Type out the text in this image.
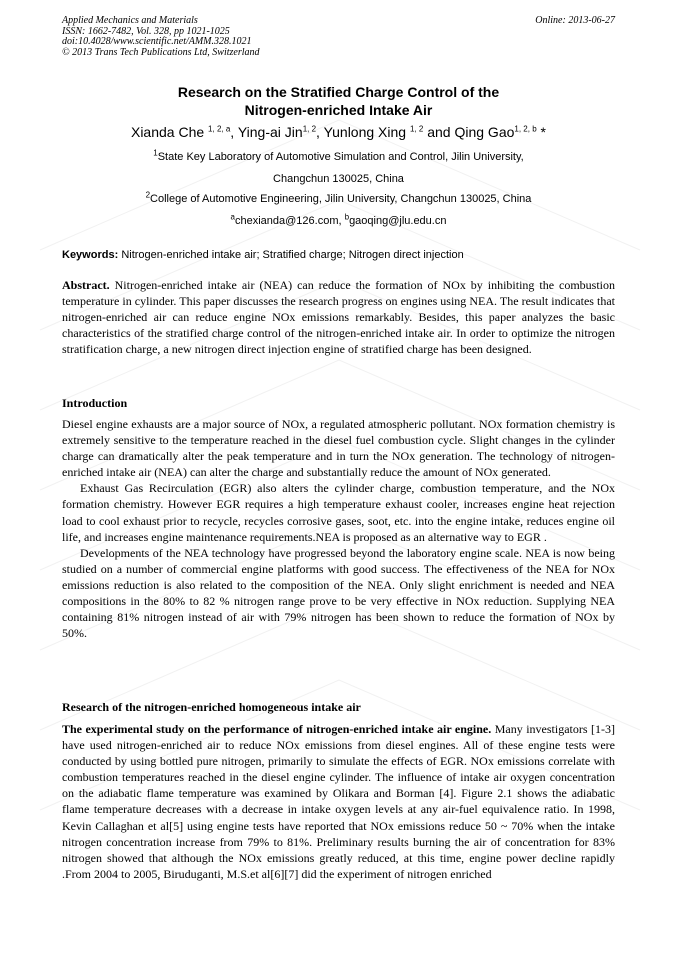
Applied Mechanics and Materials
ISSN: 1662-7482, Vol. 328, pp 1021-1025
doi:10.4028/www.scientific.net/AMM.328.1021
© 2013 Trans Tech Publications Ltd, Switzerland
Online: 2013-06-27
Research on the Stratified Charge Control of the
Nitrogen-enriched Intake Air
Xianda Che $^{1, 2, a}$, Ying-ai Jin$^{1, 2}$, Yunlong Xing $^{1, 2}$ and Qing Gao$^{1, 2, b}$ *
$^1$State Key Laboratory of Automotive Simulation and Control, Jilin University,
Changchun 130025, China
$^2$College of Automotive Engineering, Jilin University, Changchun 130025, China
$^a$chexianda@126.com, $^b$gaoqing@jlu.edu.cn
Keywords: Nitrogen-enriched intake air; Stratified charge; Nitrogen direct injection

Abstract. Nitrogen-enriched intake air (NEA) can reduce the formation of NOx by inhibiting the combustion temperature in cylinder. This paper discusses the research progress on engines using NEA. The result indicates that nitrogen-enriched air can reduce engine NOx emissions remarkably. Besides, this paper analyzes the basic characteristics of the stratified charge control of the nitrogen-enriched intake air. In order to optimize the nitrogen stratification charge, a new nitrogen direct injection engine of stratified charge has been designed.

Introduction

Diesel engine exhausts are a major source of NOx, a regulated atmospheric pollutant. NOx formation chemistry is extremely sensitive to the temperature reached in the diesel fuel combustion cycle. Slight changes in the cylinder charge can dramatically alter the peak temperature and in turn the NOx generation. The technology of nitrogen-enriched intake air (NEA) can alter the charge and substantially reduce the amount of NOx generated.

Exhaust Gas Recirculation (EGR) also alters the cylinder charge, combustion temperature, and the NOx formation chemistry. However EGR requires a high temperature exhaust cooler, increases engine heat rejection load to cool exhaust prior to recycle, recycles corrosive gases, soot, etc. into the engine intake, reduces engine oil life, and increases engine maintenance requirements.NEA is proposed as an alternative way to EGR .

Developments of the NEA technology have progressed beyond the laboratory engine scale. NEA is now being studied on a number of commercial engine platforms with good success. The effectiveness of the NEA for NOx emissions reduction is also related to the composition of the NEA. Only slight enrichment is needed and NEA compositions in the 80% to 82 % nitrogen range prove to be very effective in NOx reduction. Supplying NEA containing 81% nitrogen instead of air with 79% nitrogen has been shown to reduce the formation of NOx by 50%.

Research of the nitrogen-enriched homogeneous intake air

The experimental study on the performance of nitrogen-enriched intake air engine. Many investigators [1-3] have used nitrogen-enriched air to reduce NOx emissions from diesel engines. All of these engine tests were conducted by using bottled pure nitrogen, primarily to simulate the effects of EGR. NOx emissions correlate with combustion temperatures reached in the diesel engine cylinder. The influence of intake air oxygen concentration on the adiabatic flame temperature was examined by Olikara and Borman [4]. Figure 2.1 shows the adiabatic flame temperature decreases with a decrease in intake oxygen levels at any air-fuel equivalence ratio. In 1998, Kevin Callaghan et al[5] using engine tests have reported that NOx emissions reduce 50 ~ 70% when the intake nitrogen concentration increase from 79% to 81%. Preliminary results burning the air of concentration for 83% nitrogen showed that although the NOx emissions greatly reduced, at this time, engine power decline rapidly .From 2004 to 2005, Biruduganti, M.S.et al[6][7] did the experiment of nitrogen enriched
